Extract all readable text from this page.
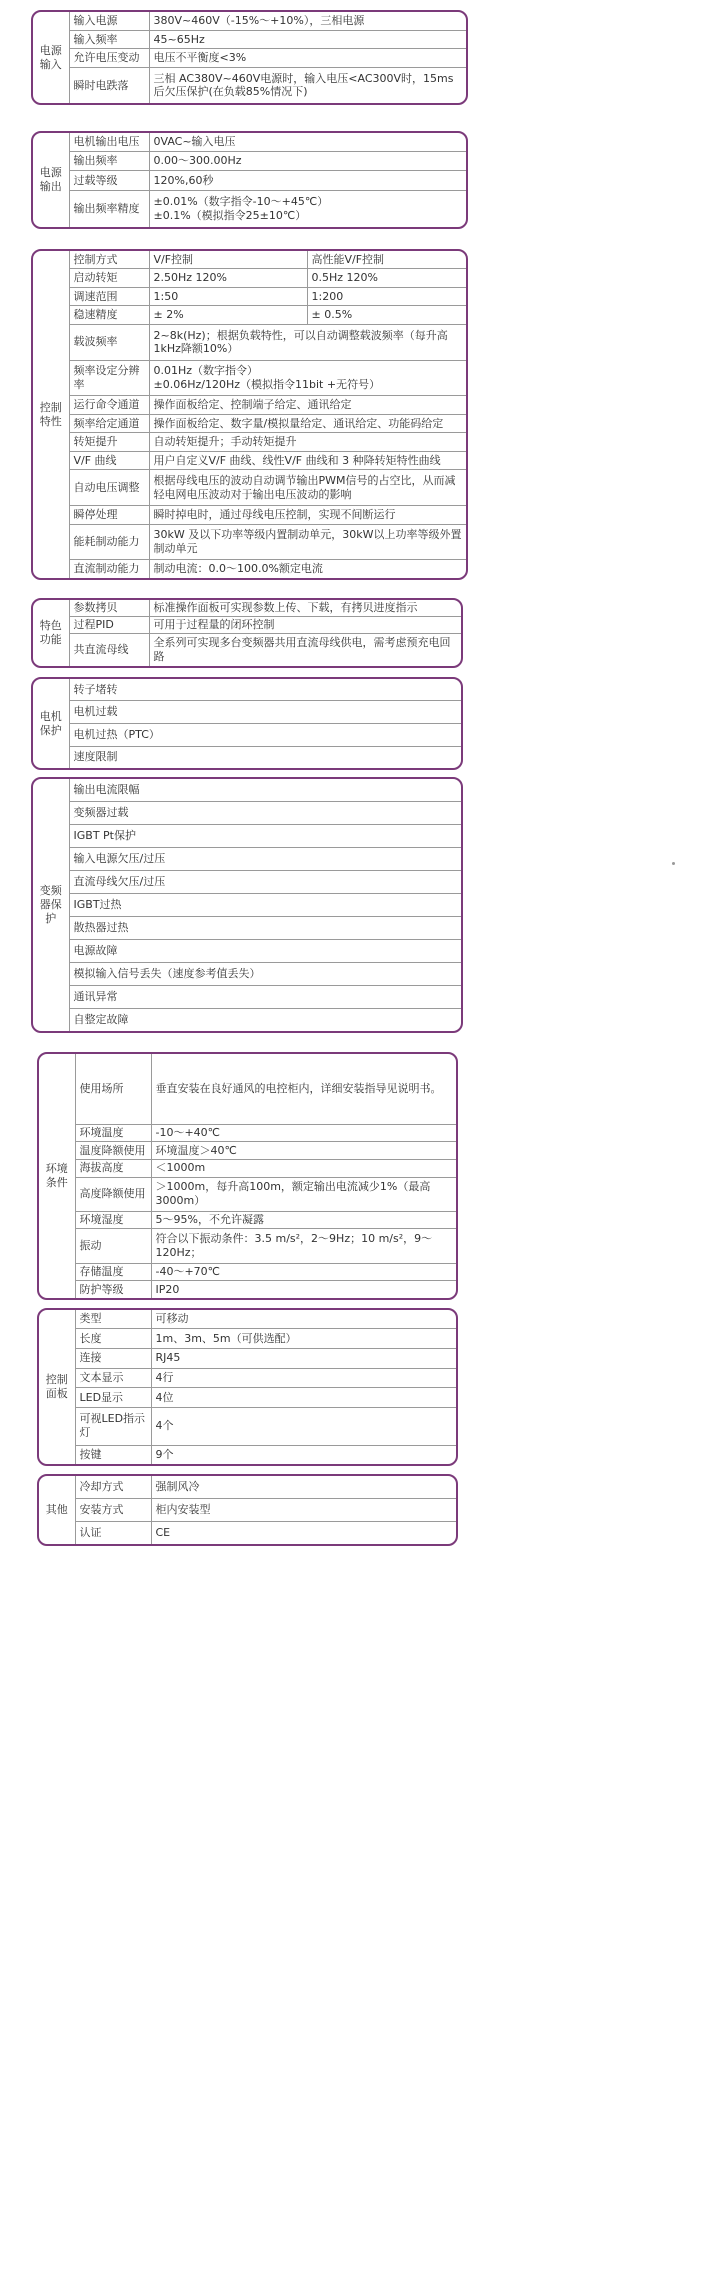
电源
输入	输入电源	380V~460V（-15%～+10%），三相电源
	输入频率	45~65Hz
	允许电压变动	电压不平衡度<3%
	瞬时电跌落	三相 AC380V~460V电源时，输入电压<AC300V时，15ms后欠压保护(在负载85%情况下)
电源
输出	电机输出电压	0VAC~输入电压
	输出频率	0.00～300.00Hz
	过载等级	120%,60秒
	输出频率精度	±0.01%（数字指令-10～+45℃）
±0.1%（模拟指令25±10℃）
控制
特性	控制方式	V/F控制	高性能V/F控制
	启动转矩	2.50Hz 120%	0.5Hz 120%
	调速范围	1:50	1:200
	稳速精度	± 2%	± 0.5%
	载波频率	2~8k(Hz)；根据负载特性，可以自动调整载波频率（每升高1kHz降额10%）	
	频率设定分辨率	0.01Hz（数字指令）
±0.06Hz/120Hz（模拟指令11bit +无符号）	
	运行命令通道	操作面板给定、控制端子给定、通讯给定	
	频率给定通道	操作面板给定、数字量/模拟量给定、通讯给定、功能码给定	
	转矩提升	自动转矩提升；手动转矩提升	
	V/F 曲线	用户自定义V/F 曲线、线性V/F 曲线和 3 种降转矩特性曲线	
	自动电压调整	根据母线电压的波动自动调节输出PWM信号的占空比，从而减轻电网电压波动对于输出电压波动的影响	
	瞬停处理	瞬时掉电时，通过母线电压控制，实现不间断运行	
	能耗制动能力	30kW 及以下功率等级内置制动单元，30kW以上功率等级外置制动单元	
	直流制动能力	制动电流：0.0～100.0%额定电流	
特色
功能	参数拷贝	标准操作面板可实现参数上传、下载，有拷贝进度指示
	过程PID	可用于过程量的闭环控制
	共直流母线	全系列可实现多台变频器共用直流母线供电，需考虑预充电回路
电机
保护	转子堵转
电机过载
电机过热（PTC）
速度限制
变频
器保
护	输出电流限幅
变频器过载
IGBT Pt保护
输入电源欠压/过压
直流母线欠压/过压
IGBT过热
散热器过热
电源故障
模拟输入信号丢失（速度参考值丢失）
通讯异常
自整定故障
环境
条件	使用场所	垂直安装在良好通风的电控柜内，详细安装指导见说明书。
	环境温度	-10～+40℃
	温度降额使用	环境温度＞40℃
	海拔高度	＜1000m
	高度降额使用	＞1000m，每升高100m，额定输出电流减少1%（最高3000m）
	环境湿度	5～95%，不允许凝露
	振动	符合以下振动条件：3.5 m/s²，2～9Hz；10 m/s²，9～120Hz；
	存储温度	-40～+70℃
	防护等级	IP20
控制
面板	类型	可移动
	长度	1m、3m、5m（可供选配）
	连接	RJ45
	文本显示	4行
	LED显示	4位
	可视LED指示灯	4个
	按键	9个
其他	冷却方式	强制风冷
	安装方式	柜内安装型
	认证	CE
